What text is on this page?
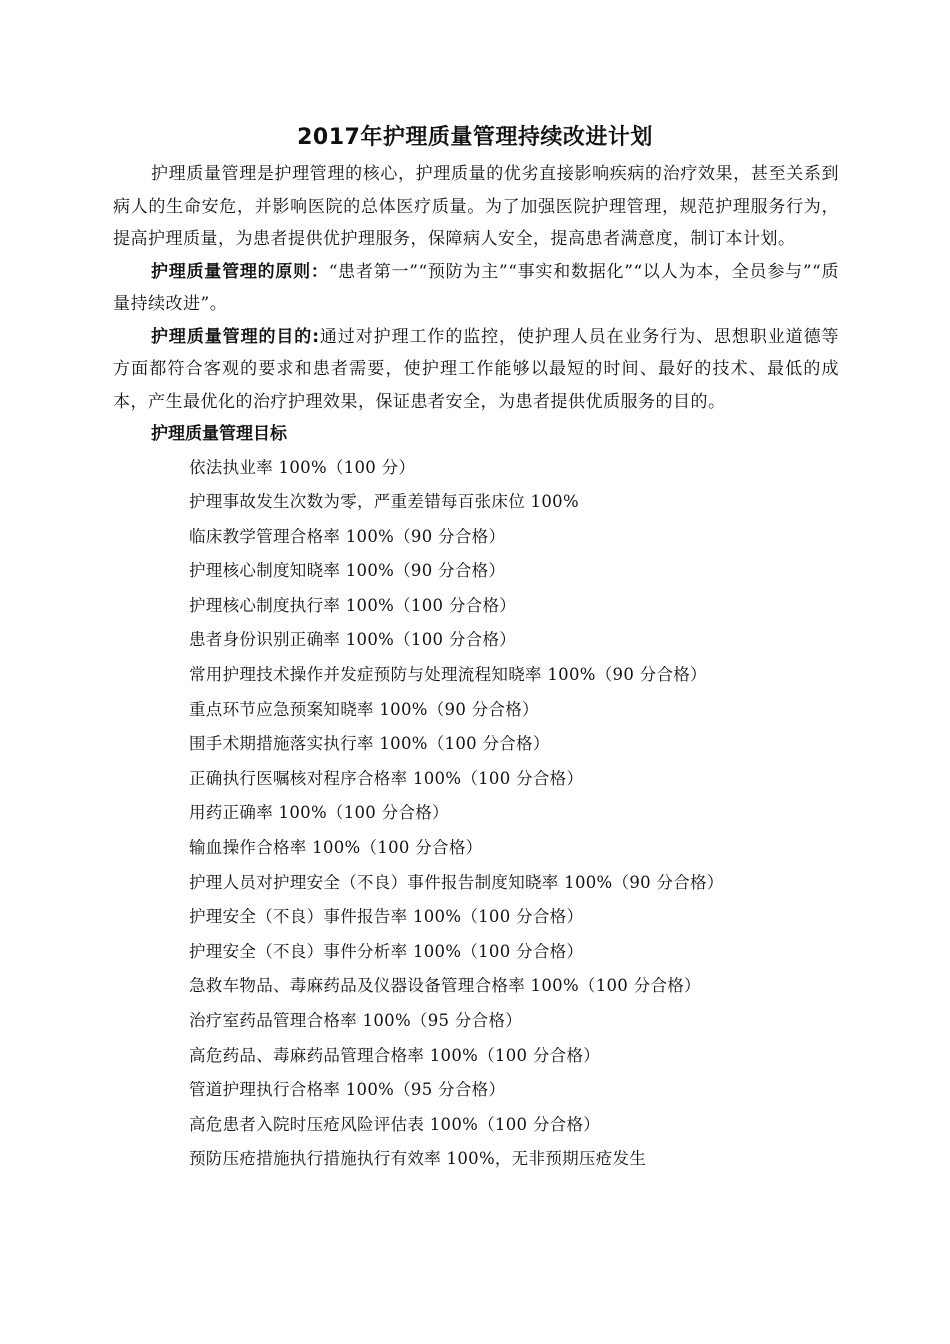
2017年护理质量管理持续改进计划

护理质量管理是护理管理的核心，护理质量的优劣直接影响疾病的治疗效果，甚至关系到病人的生命安危，并影响医院的总体医疗质量。为了加强医院护理管理，规范护理服务行为，提高护理质量，为患者提供优护理服务，保障病人安全，提高患者满意度，制订本计划。

护理质量管理的原则：“患者第一”“预防为主”“事实和数据化”“以人为本，全员参与”“质量持续改进”。

护理质量管理的目的:通过对护理工作的监控，使护理人员在业务行为、思想职业道德等方面都符合客观的要求和患者需要，使护理工作能够以最短的时间、最好的技术、最低的成本，产生最优化的治疗护理效果，保证患者安全，为患者提供优质服务的目的。

护理质量管理目标
依法执业率 100%（100 分）
护理事故发生次数为零，严重差错每百张床位 100%
临床教学管理合格率 100%（90 分合格）
护理核心制度知晓率 100%（90 分合格）
护理核心制度执行率 100%（100 分合格）
患者身份识别正确率 100%（100 分合格）
常用护理技术操作并发症预防与处理流程知晓率 100%（90 分合格）
重点环节应急预案知晓率 100%（90 分合格）
围手术期措施落实执行率 100%（100 分合格）
正确执行医嘱核对程序合格率 100%（100 分合格）
用药正确率 100%（100 分合格）
输血操作合格率 100%（100 分合格）
护理人员对护理安全（不良）事件报告制度知晓率 100%（90 分合格）
护理安全（不良）事件报告率 100%（100 分合格）
护理安全（不良）事件分析率 100%（100 分合格）
急救车物品、毒麻药品及仪器设备管理合格率 100%（100 分合格）
治疗室药品管理合格率 100%（95 分合格）
高危药品、毒麻药品管理合格率 100%（100 分合格）
管道护理执行合格率 100%（95 分合格）
高危患者入院时压疮风险评估表 100%（100 分合格）
预防压疮措施执行措施执行有效率 100%，无非预期压疮发生
